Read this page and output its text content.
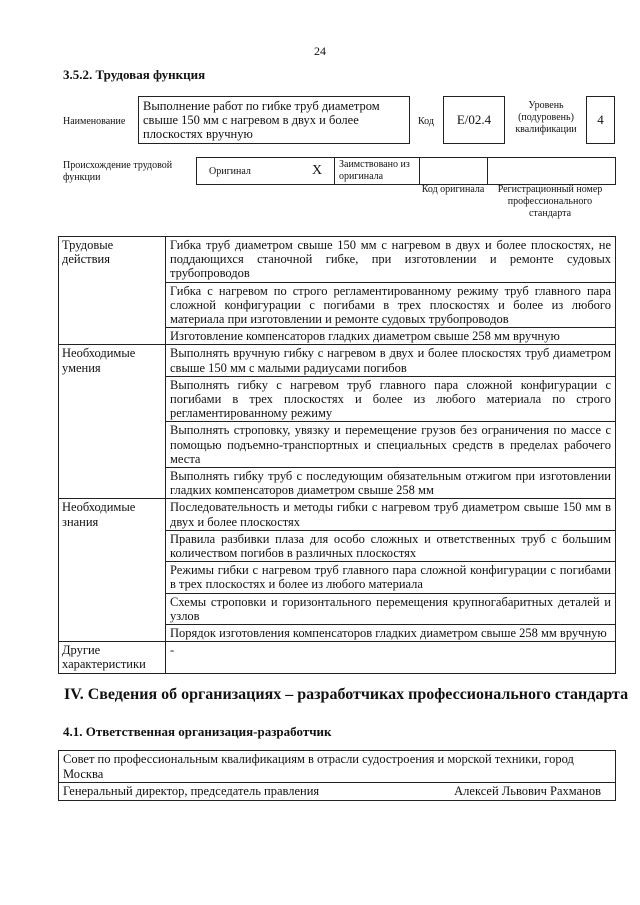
24
3.5.2. Трудовая функция
Наименование
Выполнение работ по гибке труб диаметром свыше 150 мм с нагревом в двух и более плоскостях вручную
Код	E/02.4
Уровень (подуровень) квалификации
4
Происхождение трудовой функции
Оригинал	X	Заимствовано из оригинала
Код оригинала	Регистрационный номер профессионального стандарта
Трудовые действия	Гибка труб диаметром свыше 150 мм с нагревом в двух и более плоскостях, не поддающихся станочной гибке, при изготовлении и ремонте судовых трубопроводов
	Гибка с нагревом по строго регламентированному режиму труб главного пара сложной конфигурации с погибами в трех плоскостях и более из любого материала при изготовлении и ремонте судовых трубопроводов
	Изготовление компенсаторов гладких диаметром свыше 258 мм вручную
Необходимые умения	Выполнять вручную гибку с нагревом в двух и более плоскостях труб диаметром свыше 150 мм с малыми радиусами погибов
	Выполнять гибку с нагревом труб главного пара сложной конфигурации с погибами в трех плоскостях и более из любого материала по строго регламентированному режиму
	Выполнять строповку, увязку и перемещение грузов без ограничения по массе с помощью подъемно-транспортных и специальных средств в пределах рабочего места
	Выполнять гибку труб с последующим обязательным отжигом при изготовлении гладких компенсаторов диаметром свыше 258 мм
Необходимые знания	Последовательность и методы гибки с нагревом труб диаметром свыше 150 мм в двух и более плоскостях
	Правила разбивки плаза для особо сложных и ответственных труб с большим количеством погибов в различных плоскостях
	Режимы гибки с нагревом труб главного пара сложной конфигурации с погибами в трех плоскостях и более из любого материала
	Схемы строповки и горизонтального перемещения крупногабаритных деталей и узлов
	Порядок изготовления компенсаторов гладких диаметром свыше 258 мм вручную
Другие характеристики	-
IV. Сведения об организациях – разработчиках профессионального стандарта
4.1. Ответственная организация-разработчик
Совет по профессиональным квалификациям в отрасли судостроения и морской техники, город Москва

Генеральный директор, председатель правления	Алексей Львович Рахманов
